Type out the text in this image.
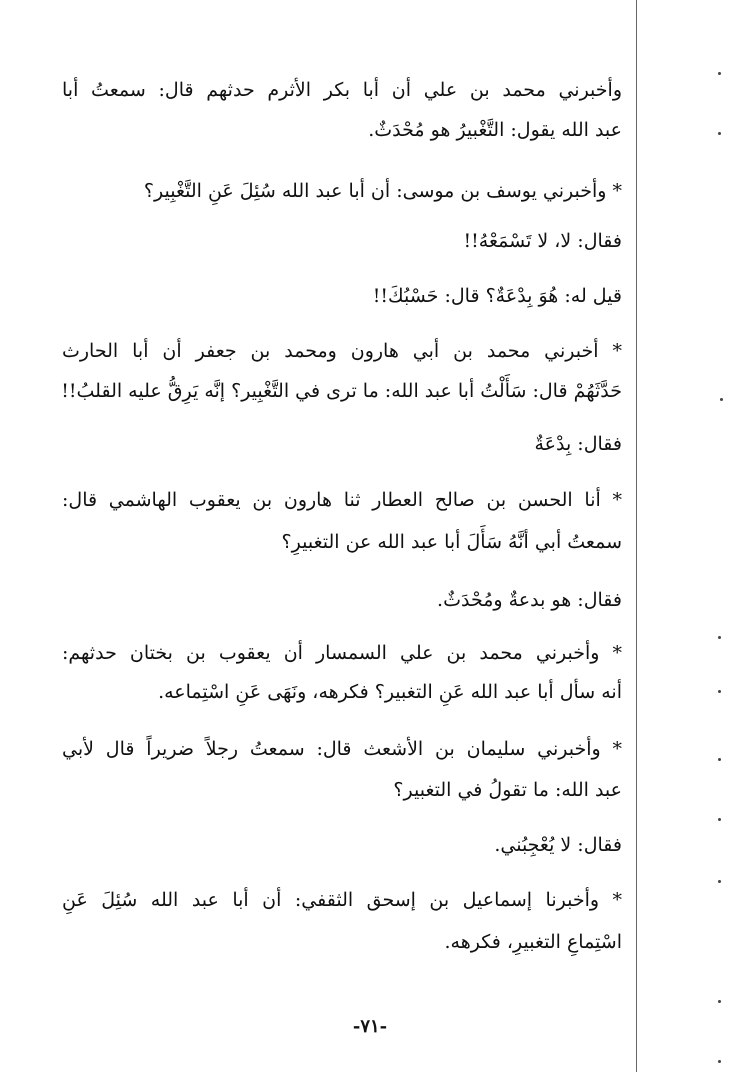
وأخبرني محمد بن علي أن أبا بكر الأثرم حدثهم قال: سمعتُ أبا
عبد الله يقول: التَّغْبيرُ هو مُحْدَثٌ.
* وأخبرني يوسف بن موسى: أن أبا عبد الله سُئِلَ عَنِ التَّغْبِير؟
فقال: لا، لا تَسْمَعْهُ!!
قيل له: هُوَ بِدْعَةٌ؟ قال: حَسْبُكَ!!
* أخبرني محمد بن أبي هارون ومحمد بن جعفر أن أبا الحارث
حَدَّثَهُمْ قال: سَأَلْتُ أبا عبد الله: ما ترى في التَّغْبِير؟ إنَّه يَرِقُّ عليه القلبُ!!
فقال: بِدْعَةٌ
* أنا الحسن بن صالح العطار ثنا هارون بن يعقوب الهاشمي قال:
سمعتُ أبي أنَّهُ سَأَلَ أبا عبد الله عن التغبيرِ؟
فقال: هو بدعةٌ ومُحْدَثٌ.
* وأخبرني محمد بن علي السمسار أن يعقوب بن بختان حدثهم:
أنه سأل أبا عبد الله عَنِ التغبير؟ فكرهه، ونَهَى عَنِ اسْتِماعه.
* وأخبرني سليمان بن الأشعث قال: سمعتُ رجلاً ضريراً قال لأبي
عبد الله: ما تقولُ في التغبير؟
فقال: لا يُعْجِبُني.
* وأخبرنا إسماعيل بن إسحق الثقفي: أن أبا عبد الله سُئِلَ عَنِ
اسْتِماعِ التغبيرِ، فكرهه.
-٧١-
